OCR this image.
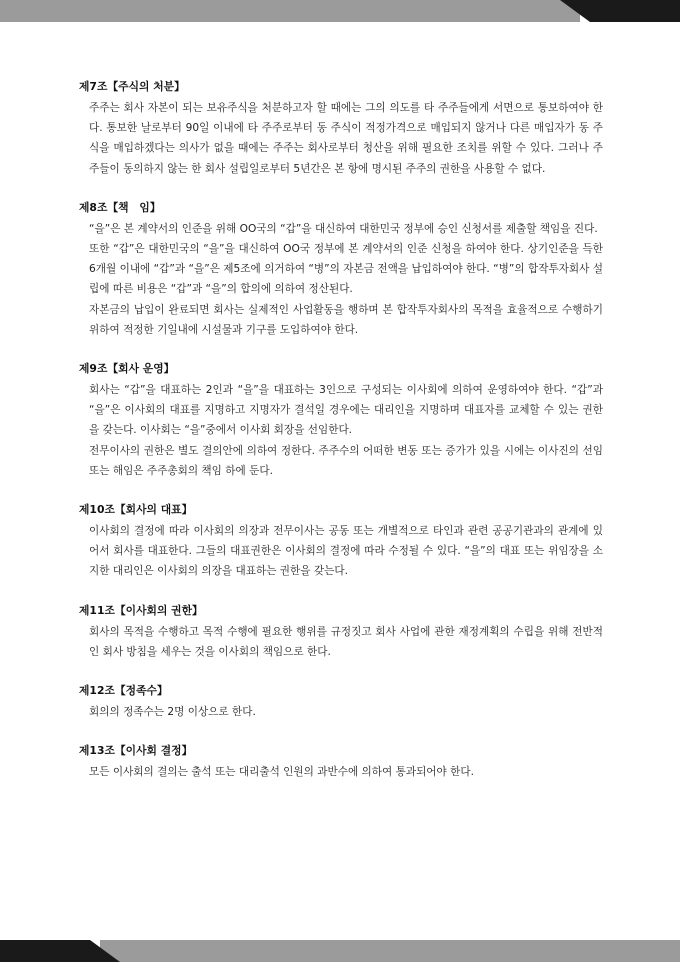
제7조【주식의 처분】

주주는 회사 자본이 되는 보유주식을 처분하고자 할 때에는 그의 의도를 타 주주들에게 서면으로 통보하여야 한다. 통보한 날로부터 90일 이내에 타 주주로부터 동 주식이 적정가격으로 매입되지 않거나 다른 매입자가 동 주식을 매입하겠다는 의사가 없을 때에는 주주는 회사로부터 청산을 위해 필요한 조치를 위할 수 있다. 그러나 주주들이 동의하지 않는 한 회사 설립일로부터 5년간은 본 항에 명시된 주주의 권한을 사용할 수 없다.

제8조【책　임】

“을”은 본 계약서의 인준을 위해 OO국의 “갑”을 대신하여 대한민국 정부에 승인 신청서를 제출할 책임을 진다.

또한 “갑”은 대한민국의 “을”을 대신하여 OO국 정부에 본 계약서의 인준 신청을 하여야 한다. 상기인준을 득한 6개월 이내에 “갑”과 “을”은 제5조에 의거하여 “병”의 자본금 전액을 납입하여야 한다. “병”의 합작투자회사 설립에 따른 비용은 “갑”과 “을”의 합의에 의하여 정산된다.

자본금의 납입이 완료되면 회사는 실제적인 사업활동을 행하며 본 합작투자회사의 목적을 효율적으로 수행하기 위하여 적정한 기일내에 시설물과 기구를 도입하여야 한다.

제9조【회사 운영】

회사는 “갑”을 대표하는 2인과 “을”을 대표하는 3인으로 구성되는 이사회에 의하여 운영하여야 한다. “갑”과 “을”은 이사회의 대표를 지명하고 지명자가 결석일 경우에는 대리인을 지명하며 대표자를 교체할 수 있는 권한을 갖는다. 이사회는 “을”중에서 이사회 회장을 선임한다.

전무이사의 권한은 별도 결의안에 의하여 정한다. 주주수의 어떠한 변동 또는 증가가 있을 시에는 이사진의 선임 또는 해임은 주주총회의 책임 하에 둔다.

제10조【회사의 대표】

이사회의 결정에 따라 이사회의 의장과 전무이사는 공동 또는 개별적으로 타인과 관련 공공기관과의 관계에 있어서 회사를 대표한다. 그들의 대표권한은 이사회의 결정에 따라 수정될 수 있다. “을”의 대표 또는 위임장을 소지한 대리인은 이사회의 의장을 대표하는 권한을 갖는다.

제11조【이사회의 권한】

회사의 목적을 수행하고 목적 수행에 필요한 행위를 규정짓고 회사 사업에 관한 재정계획의 수립을 위해 전반적인 회사 방침을 세우는 것을 이사회의 책임으로 한다.

제12조【정족수】

회의의 정족수는 2명 이상으로 한다.

제13조【이사회 결정】

모든 이사회의 결의는 출석 또는 대리출석 인원의 과반수에 의하여 통과되어야 한다.
